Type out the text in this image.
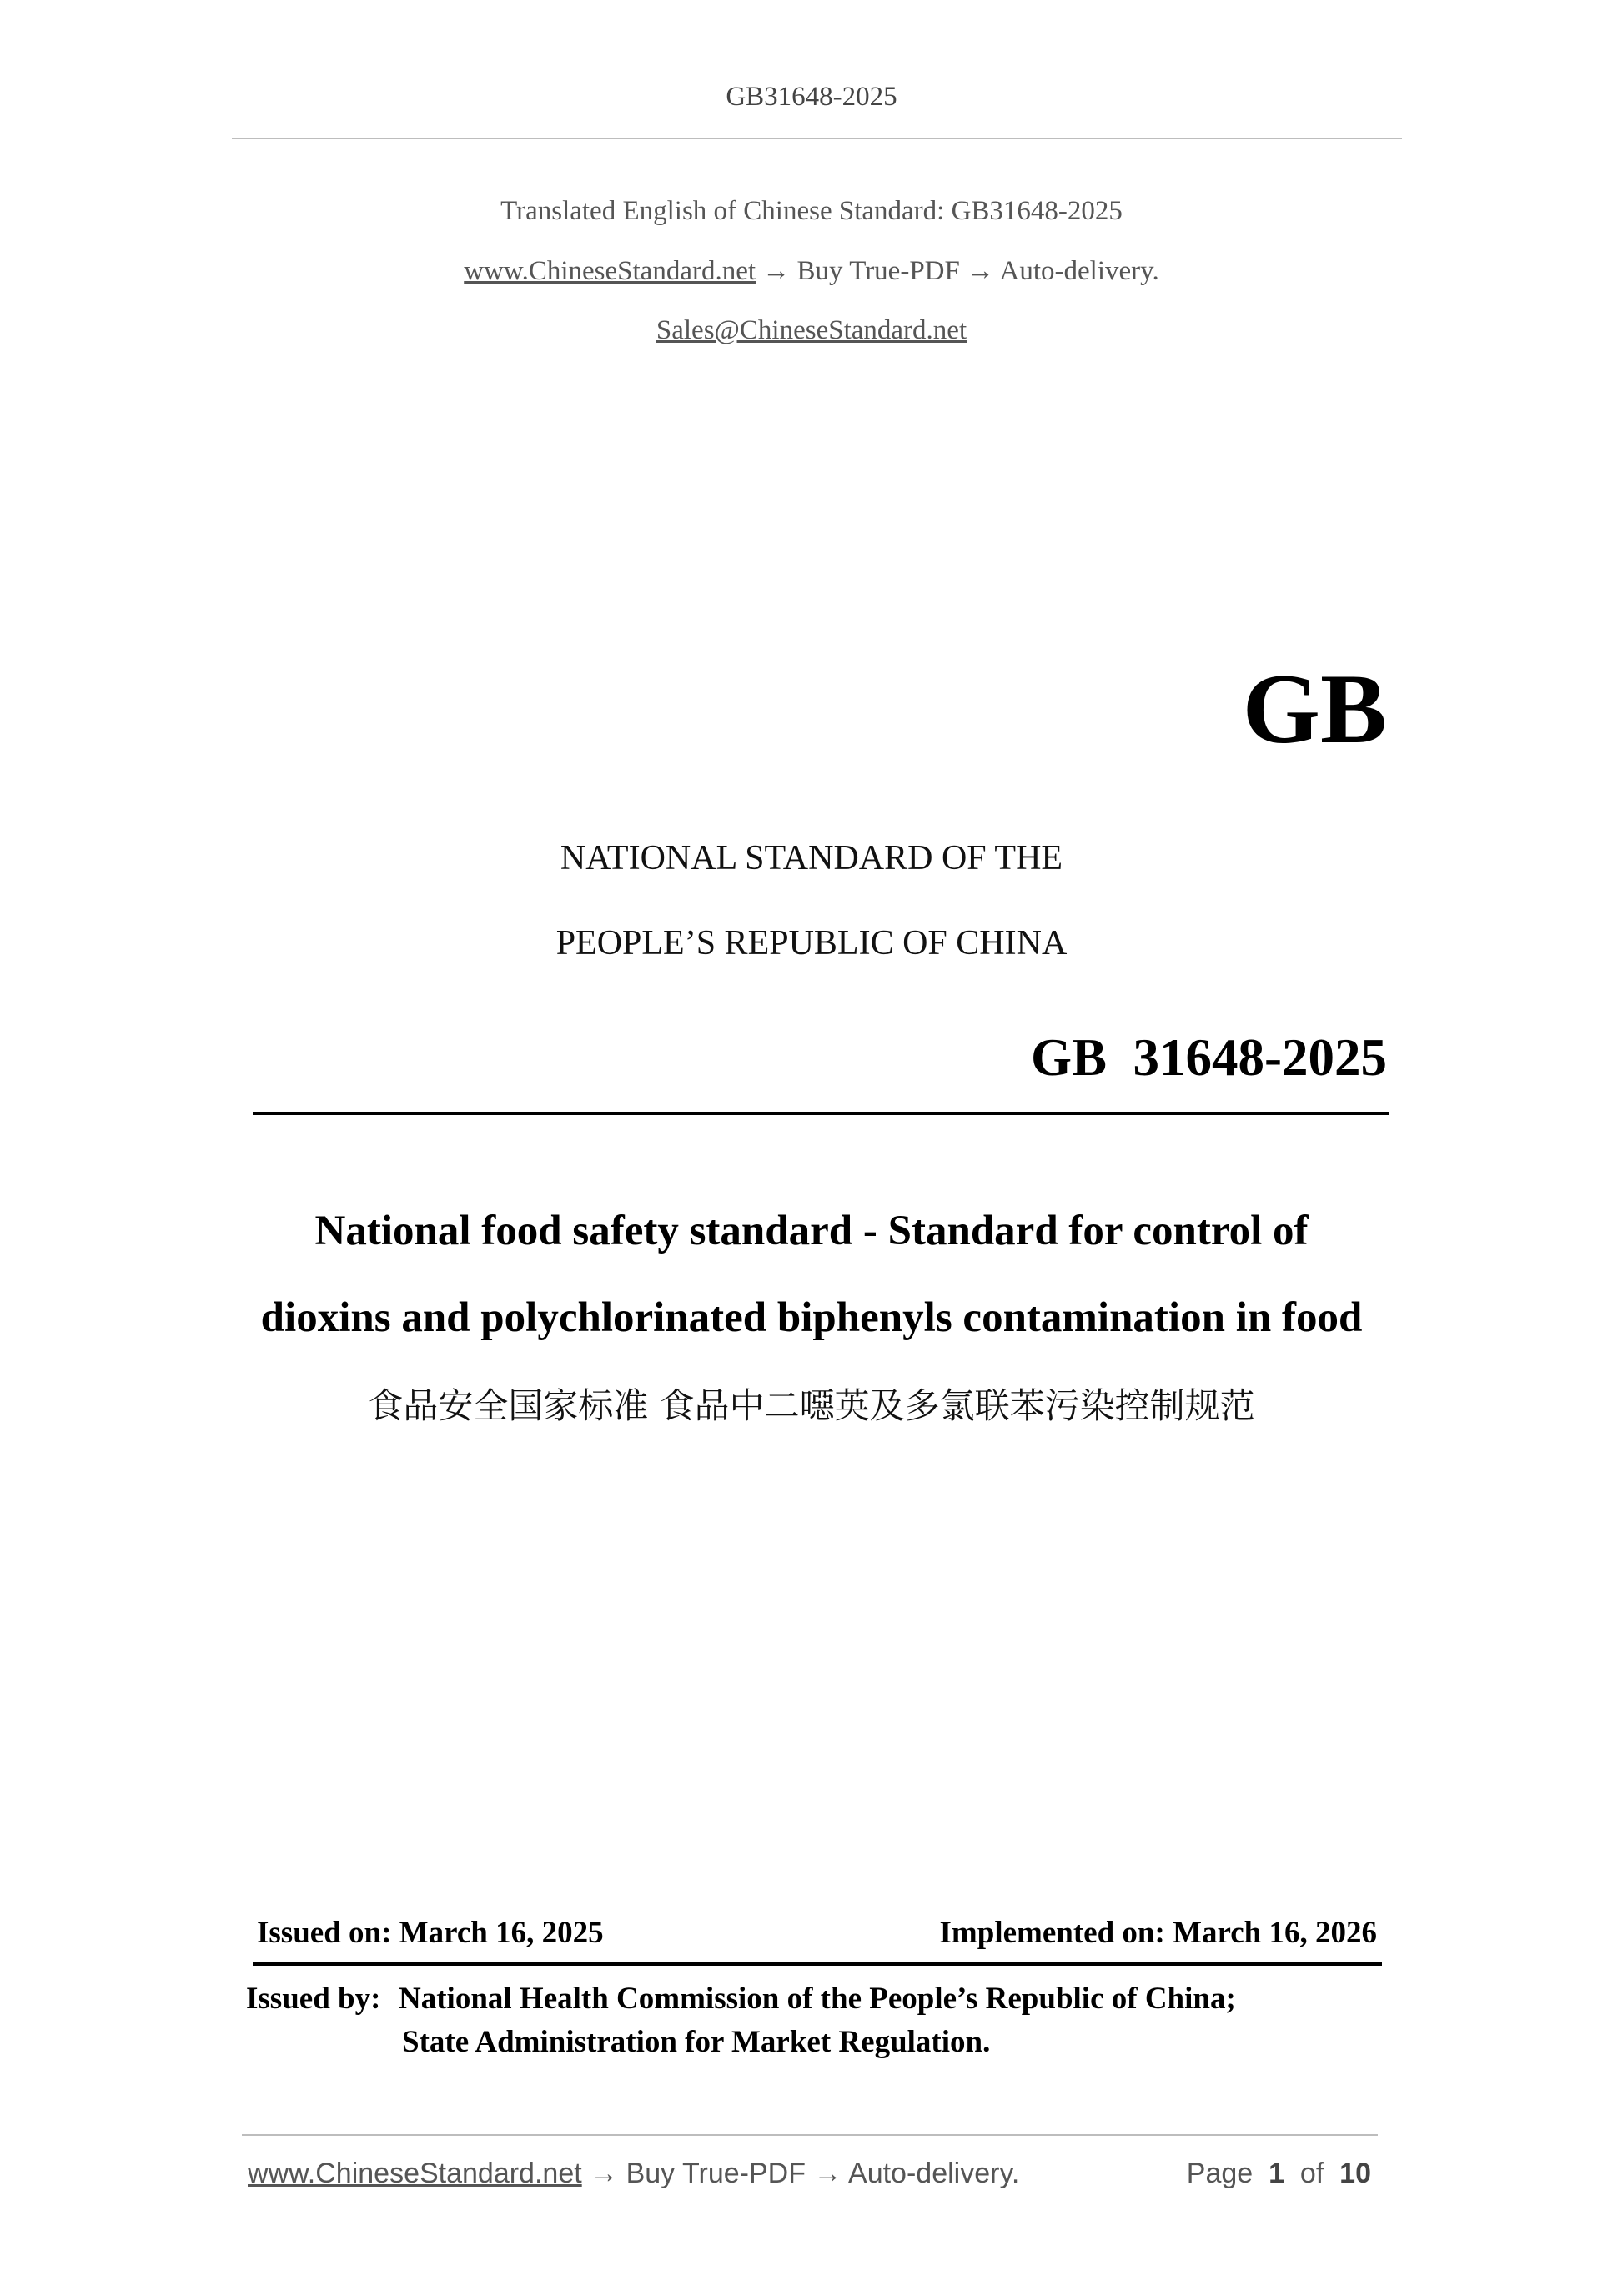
GB31648-2025
Translated English of Chinese Standard: GB31648-2025
www.ChineseStandard.net → Buy True-PDF → Auto-delivery.
Sales@ChineseStandard.net
GB
NATIONAL STANDARD OF THE
PEOPLE’S REPUBLIC OF CHINA
GB  31648-2025
National food safety standard - Standard for control of
dioxins and polychlorinated biphenyls contamination in food
食品安全国家标准 食品中二噁英及多氯联苯污染控制规范
Issued on: March 16, 2025	Implemented on: March 16, 2026
Issued by: National Health Commission of the People’s Republic of China;
State Administration for Market Regulation.
www.ChineseStandard.net → Buy True-PDF → Auto-delivery.	Page 1 of 10
